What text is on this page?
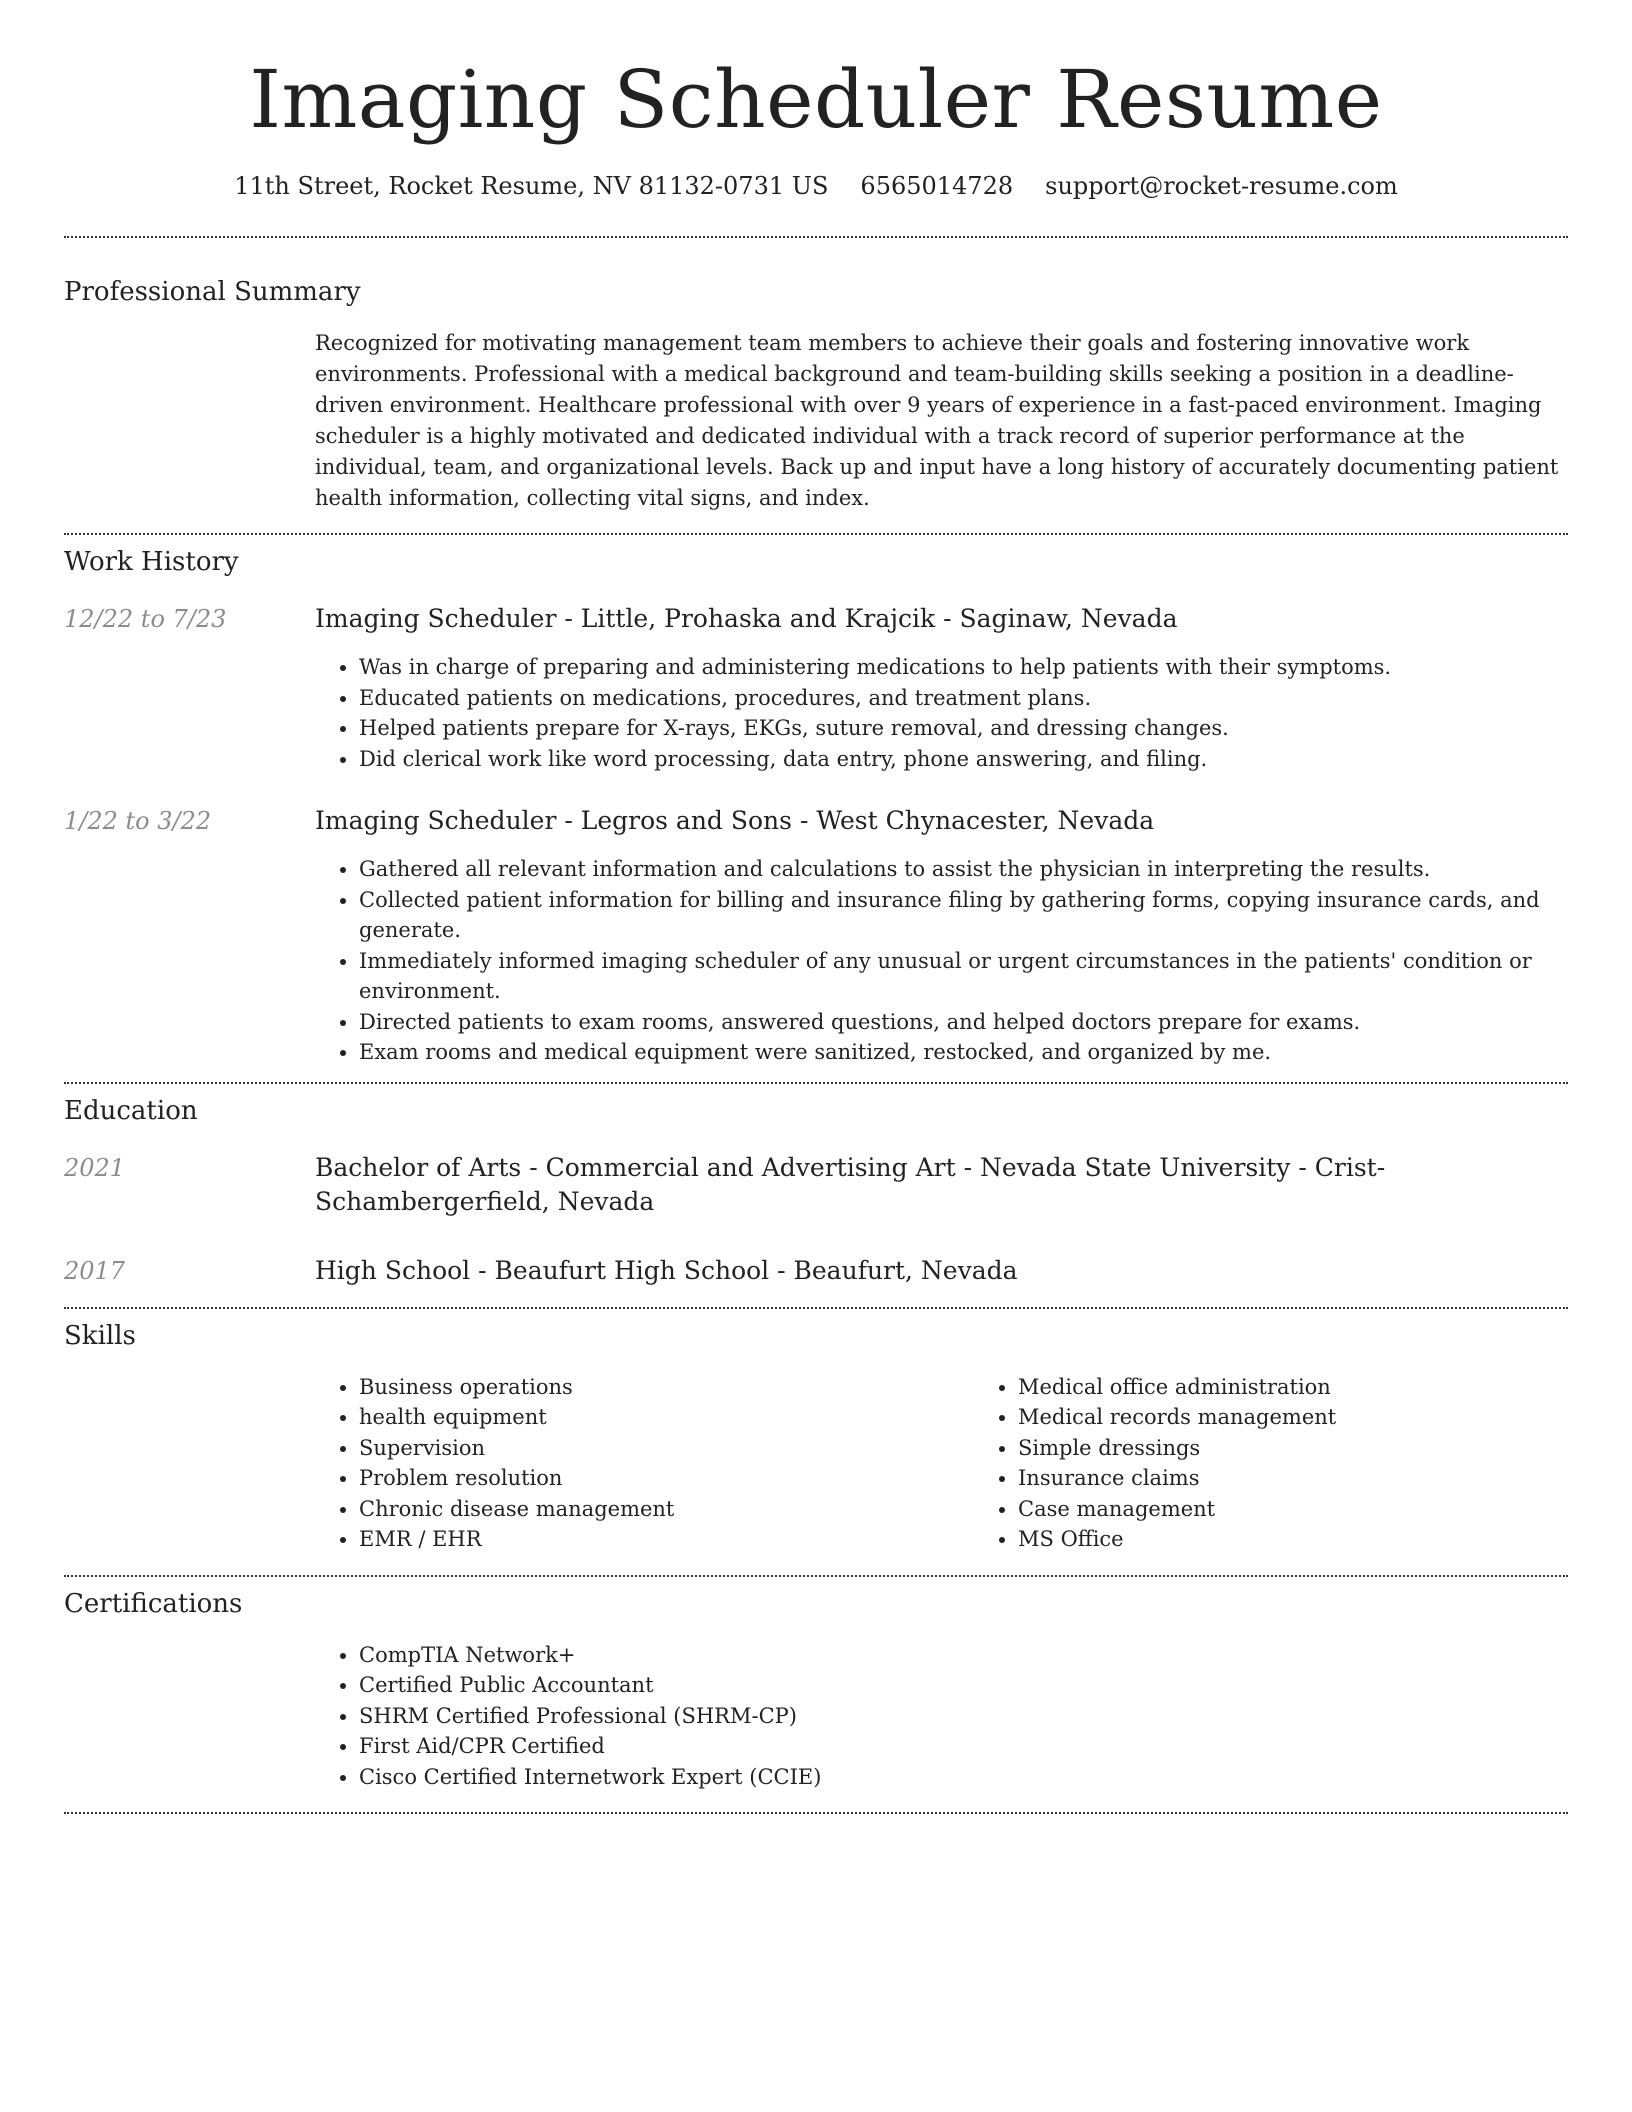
Imaging Scheduler Resume
11th Street, Rocket Resume, NV 81132-0731 US 6565014728 support@rocket-resume.com
Professional Summary
Recognized for motivating management team members to achieve their goals and fostering innovative work environments. Professional with a medical background and team-building skills seeking a position in a deadline-driven environment. Healthcare professional with over 9 years of experience in a fast-paced environment. Imaging scheduler is a highly motivated and dedicated individual with a track record of superior performance at the individual, team, and organizational levels. Back up and input have a long history of accurately documenting patient health information, collecting vital signs, and index.
Work History
12/22 to 7/23	Imaging Scheduler - Little, Prohaska and Krajcik - Saginaw, Nevada
• Was in charge of preparing and administering medications to help patients with their symptoms.
• Educated patients on medications, procedures, and treatment plans.
• Helped patients prepare for X-rays, EKGs, suture removal, and dressing changes.
• Did clerical work like word processing, data entry, phone answering, and filing.
1/22 to 3/22	Imaging Scheduler - Legros and Sons - West Chynacester, Nevada
• Gathered all relevant information and calculations to assist the physician in interpreting the results.
• Collected patient information for billing and insurance filing by gathering forms, copying insurance cards, and generate.
• Immediately informed imaging scheduler of any unusual or urgent circumstances in the patients' condition or environment.
• Directed patients to exam rooms, answered questions, and helped doctors prepare for exams.
• Exam rooms and medical equipment were sanitized, restocked, and organized by me.
Education
2021	Bachelor of Arts - Commercial and Advertising Art - Nevada State University - Crist-Schambergerfield, Nevada
2017	High School - Beaufurt High School - Beaufurt, Nevada
Skills
• Business operations
• health equipment
• Supervision
• Problem resolution
• Chronic disease management
• EMR / EHR
• Medical office administration
• Medical records management
• Simple dressings
• Insurance claims
• Case management
• MS Office
Certifications
• CompTIA Network+
• Certified Public Accountant
• SHRM Certified Professional (SHRM-CP)
• First Aid/CPR Certified
• Cisco Certified Internetwork Expert (CCIE)
